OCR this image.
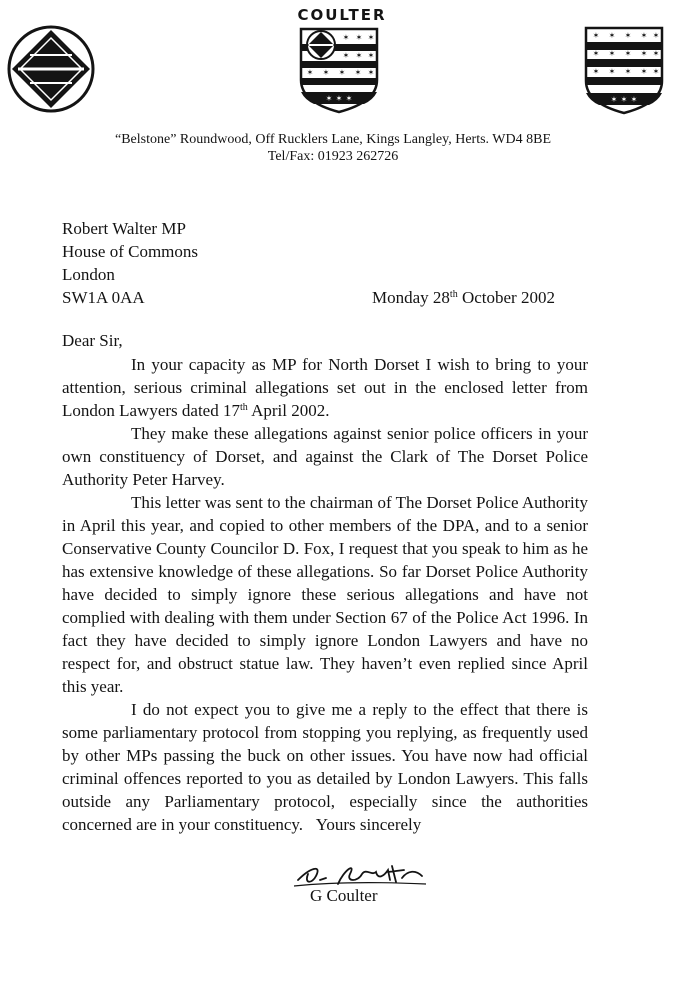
COULTER
✶ ✶ ✶
✶ ✶ ✶
✶ ✶ ✶ ✶ ✶
✶ ✶ ✶
✶ ✶ ✶ ✶ ✶
✶ ✶ ✶ ✶ ✶
✶ ✶ ✶ ✶ ✶
✶ ✶ ✶
“Belstone” Roundwood, Off Rucklers Lane, Kings Langley, Herts. WD4 8BE
Tel/Fax: 01923 262726
Robert Walter MP
House of Commons
London
SW1A 0AA	Monday 28th October 2002
Dear Sir,

In your capacity as MP for North Dorset I wish to bring to your attention, serious criminal allegations set out in the enclosed letter from London Lawyers dated 17th April 2002.

They make these allegations against senior police officers in your own constituency of Dorset, and against the Clark of The Dorset Police Authority Peter Harvey.

This letter was sent to the chairman of The Dorset Police Authority in April this year, and copied to other members of the DPA, and to a senior Conservative County Councilor D. Fox, I request that you speak to him as he has extensive knowledge of these allegations. So far Dorset Police Authority have decided to simply ignore these serious allegations and have not complied with dealing with them under Section 67 of the Police Act 1996. In fact they have decided to simply ignore London Lawyers and have no respect for, and obstruct statue law. They haven’t even replied since April this year.

I do not expect you to give me a reply to the effect that there is some parliamentary protocol from stopping you replying, as frequently used by other MPs passing the buck on other issues. You have now had official criminal offences reported to you as detailed by London Lawyers. This falls outside any Parliamentary protocol, especially since the authorities concerned are in your constituency. Yours sincerely

G Coulter
